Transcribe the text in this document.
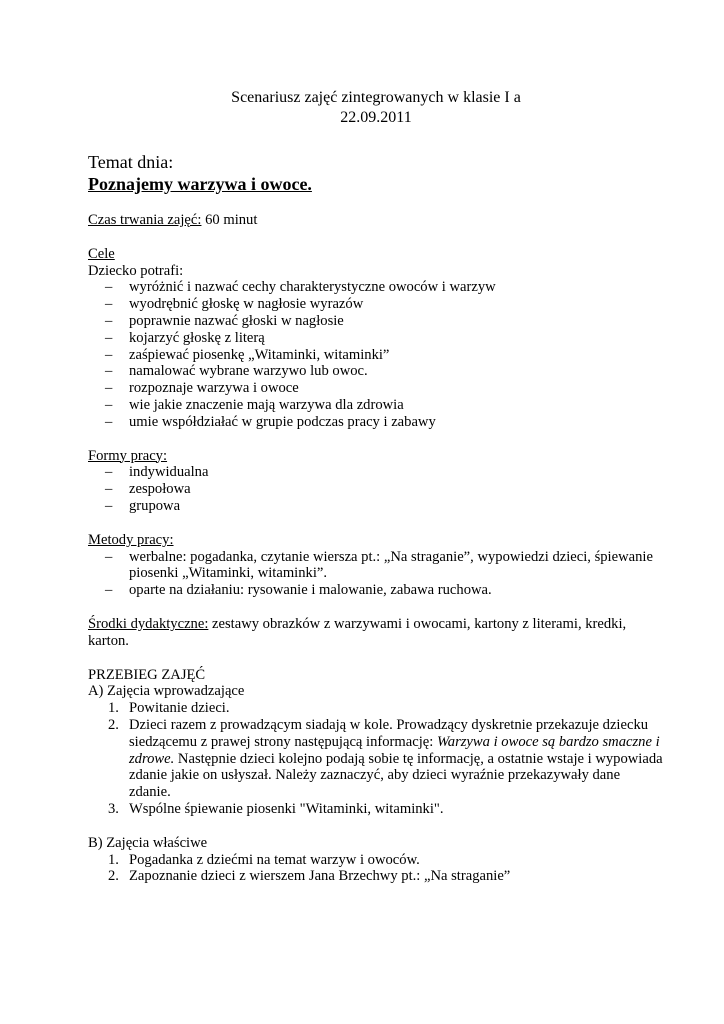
Scenariusz zajęć zintegrowanych w klasie I a
22.09.2011
Temat dnia:
Poznajemy warzywa i owoce.
Czas trwania zajęć: 60 minut
Cele
Dziecko potrafi:
– wyróżnić i nazwać cechy charakterystyczne owoców i warzyw
– wyodrębnić głoskę w nagłosie wyrazów
– poprawnie nazwać głoski w nagłosie
– kojarzyć głoskę z literą
– zaśpiewać piosenkę „Witaminki, witaminki”
– namalować wybrane warzywo lub owoc.
– rozpoznaje warzywa i owoce
– wie jakie znaczenie mają warzywa dla zdrowia
– umie współdziałać w grupie podczas pracy i zabawy
Formy pracy:
– indywidualna
– zespołowa
– grupowa
Metody pracy:
– werbalne: pogadanka, czytanie wiersza pt.: „Na straganie”, wypowiedzi dzieci, śpiewanie piosenki „Witaminki, witaminki”.
– oparte na działaniu: rysowanie i malowanie, zabawa ruchowa.
Środki dydaktyczne: zestawy obrazków z warzywami i owocami, kartony z literami, kredki, karton.
PRZEBIEG ZAJĘĆ
A) Zajęcia wprowadzające
1. Powitanie dzieci.
2. Dzieci razem z prowadzącym siadają w kole. Prowadzący dyskretnie przekazuje dziecku siedzącemu z prawej strony następującą informację: Warzywa i owoce są bardzo smaczne i zdrowe. Następnie dzieci kolejno podają sobie tę informację, a ostatnie wstaje i wypowiada zdanie jakie on usłyszał. Należy zaznaczyć, aby dzieci wyraźnie przekazywały dane zdanie.
3. Wspólne śpiewanie piosenki "Witaminki, witaminki".
B) Zajęcia właściwe
1. Pogadanka z dziećmi na temat warzyw i owoców.
2. Zapoznanie dzieci z wierszem Jana Brzechwy pt.: „Na straganie”
